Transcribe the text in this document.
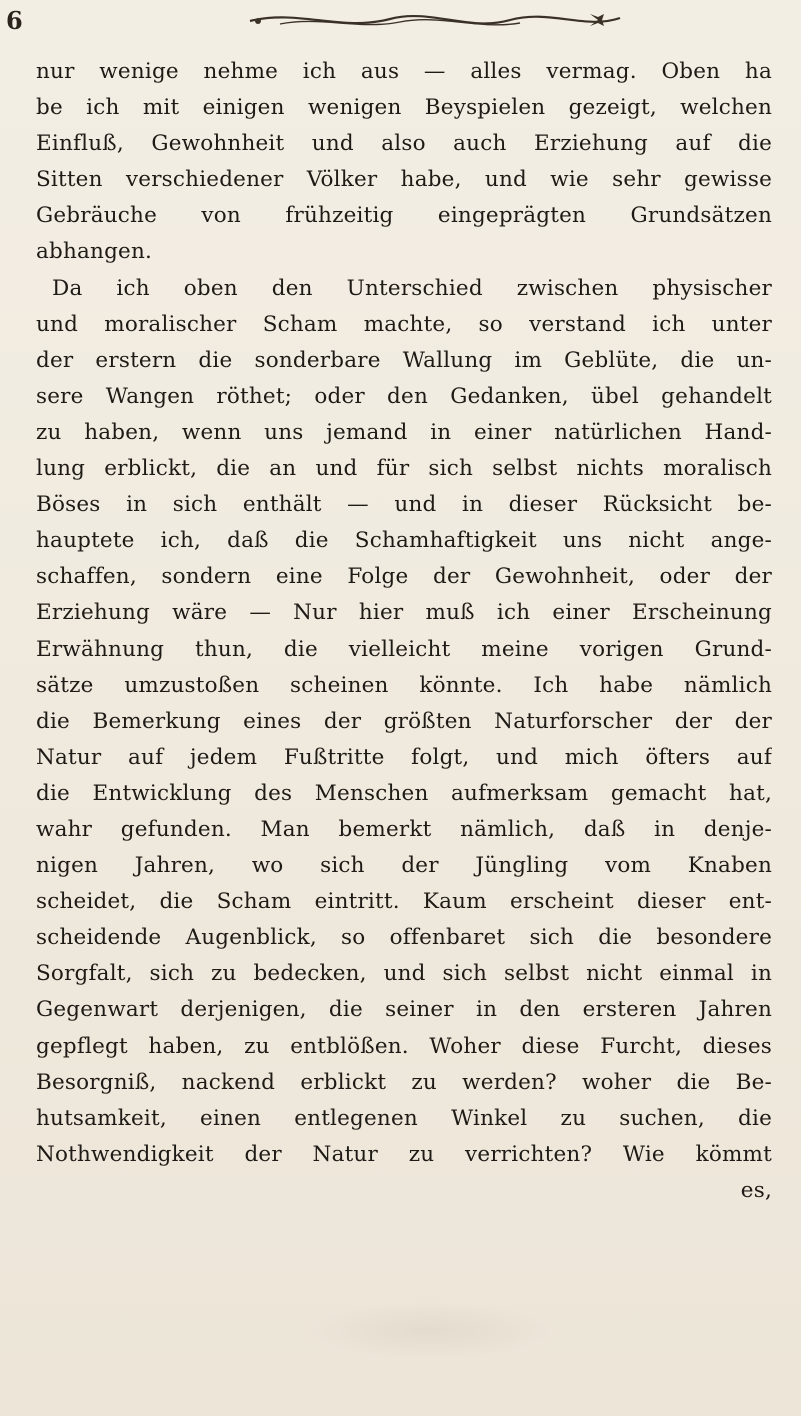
6
nur wenige nehme ich aus — alles vermag. Oben ha
be ich mit einigen wenigen Beyspielen gezeigt, welchen
Einfluß, Gewohnheit und also auch Erziehung auf die
Sitten verschiedener Völker habe, und wie sehr gewisse
Gebräuche von frühzeitig eingeprägten Grundsätzen
abhangen.
Da ich oben den Unterschied zwischen physischer
und moralischer Scham machte, so verstand ich unter
der erstern die sonderbare Wallung im Geblüte, die un-
sere Wangen röthet; oder den Gedanken, übel gehandelt
zu haben, wenn uns jemand in einer natürlichen Hand-
lung erblickt, die an und für sich selbst nichts moralisch
Böses in sich enthält — und in dieser Rücksicht be-
hauptete ich, daß die Schamhaftigkeit uns nicht ange-
schaffen, sondern eine Folge der Gewohnheit, oder der
Erziehung wäre — Nur hier muß ich einer Erscheinung
Erwähnung thun, die vielleicht meine vorigen Grund-
sätze umzustoßen scheinen könnte. Ich habe nämlich
die Bemerkung eines der größten Naturforscher der der
Natur auf jedem Fußtritte folgt, und mich öfters auf
die Entwicklung des Menschen aufmerksam gemacht hat,
wahr gefunden. Man bemerkt nämlich, daß in denje-
nigen Jahren, wo sich der Jüngling vom Knaben
scheidet, die Scham eintritt. Kaum erscheint dieser ent-
scheidende Augenblick, so offenbaret sich die besondere
Sorgfalt, sich zu bedecken, und sich selbst nicht einmal in
Gegenwart derjenigen, die seiner in den ersteren Jahren
gepflegt haben, zu entblößen. Woher diese Furcht, dieses
Besorgniß, nackend erblickt zu werden? woher die Be-
hutsamkeit, einen entlegenen Winkel zu suchen, die
Nothwendigkeit der Natur zu verrichten? Wie kömmt
es,
